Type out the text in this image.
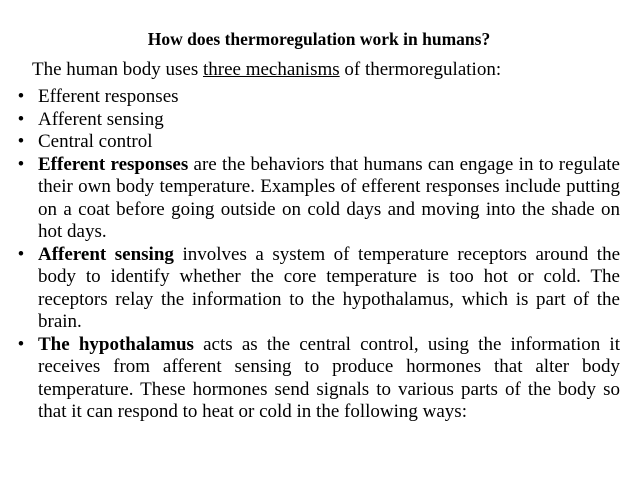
How does thermoregulation work in humans?
The human body uses three mechanisms of thermoregulation:
• Efferent responses
• Afferent sensing
• Central control
• Efferent responses are the behaviors that humans can engage in to regulate their own body temperature. Examples of efferent responses include putting on a coat before going outside on cold days and moving into the shade on hot days.
• Afferent sensing involves a system of temperature receptors around the body to identify whether the core temperature is too hot or cold. The receptors relay the information to the hypothalamus, which is part of the brain.
• The hypothalamus acts as the central control, using the information it receives from afferent sensing to produce hormones that alter body temperature. These hormones send signals to various parts of the body so that it can respond to heat or cold in the following ways:
